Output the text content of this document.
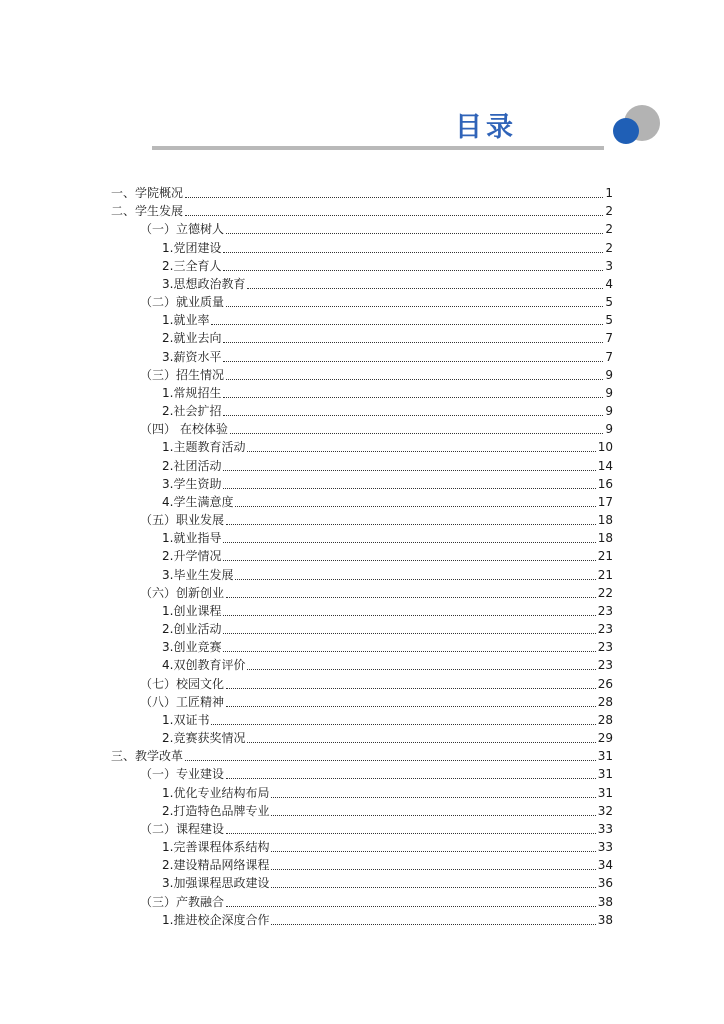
目录
一、学院概况	1
二、学生发展	2
（一）立德树人	2
1.党团建设	2
2.三全育人	3
3.思想政治教育	4
（二）就业质量	5
1.就业率	5
2.就业去向	7
3.薪资水平	7
（三）招生情况	9
1.常规招生	9
2.社会扩招	9
（四） 在校体验	9
1.主题教育活动	10
2.社团活动	14
3.学生资助	16
4.学生满意度	17
（五）职业发展	18
1.就业指导	18
2.升学情况	21
3.毕业生发展	21
（六）创新创业	22
1.创业课程	23
2.创业活动	23
3.创业竞赛	23
4.双创教育评价	23
（七）校园文化	26
（八）工匠精神	28
1.双证书	28
2.竞赛获奖情况	29
三、教学改革	31
（一）专业建设	31
1.优化专业结构布局	31
2.打造特色品牌专业	32
（二）课程建设	33
1.完善课程体系结构	33
2.建设精品网络课程	34
3.加强课程思政建设	36
（三）产教融合	38
1.推进校企深度合作	38
